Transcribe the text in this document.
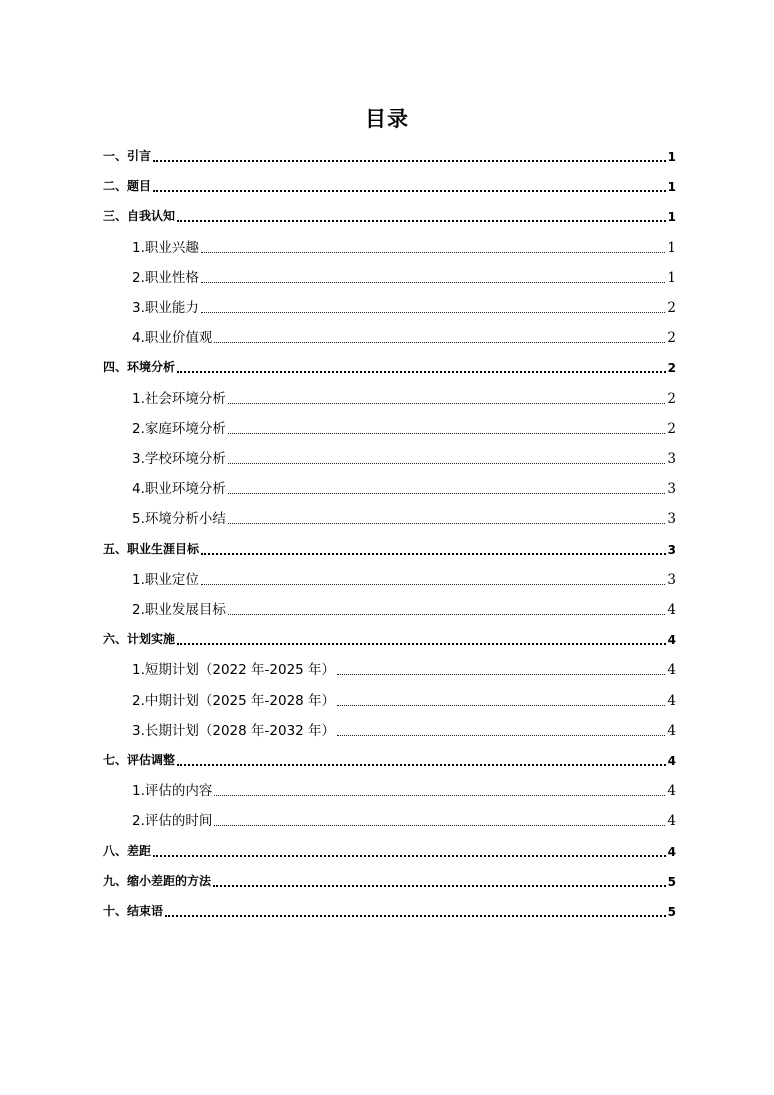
目录
一、引言	1
二、题目	1
三、自我认知	1
1.职业兴趣	1
2.职业性格	1
3.职业能力	2
4.职业价值观	2
四、环境分析	2
1.社会环境分析	2
2.家庭环境分析	2
3.学校环境分析	3
4.职业环境分析	3
5.环境分析小结	3
五、职业生涯目标	3
1.职业定位	3
2.职业发展目标	4
六、计划实施	4
1.短期计划（2022 年-2025 年）	4
2.中期计划（2025 年-2028 年）	4
3.长期计划（2028 年-2032 年）	4
七、评估调整	4
1.评估的内容	4
2.评估的时间	4
八、差距	4
九、缩小差距的方法	5
十、结束语	5
